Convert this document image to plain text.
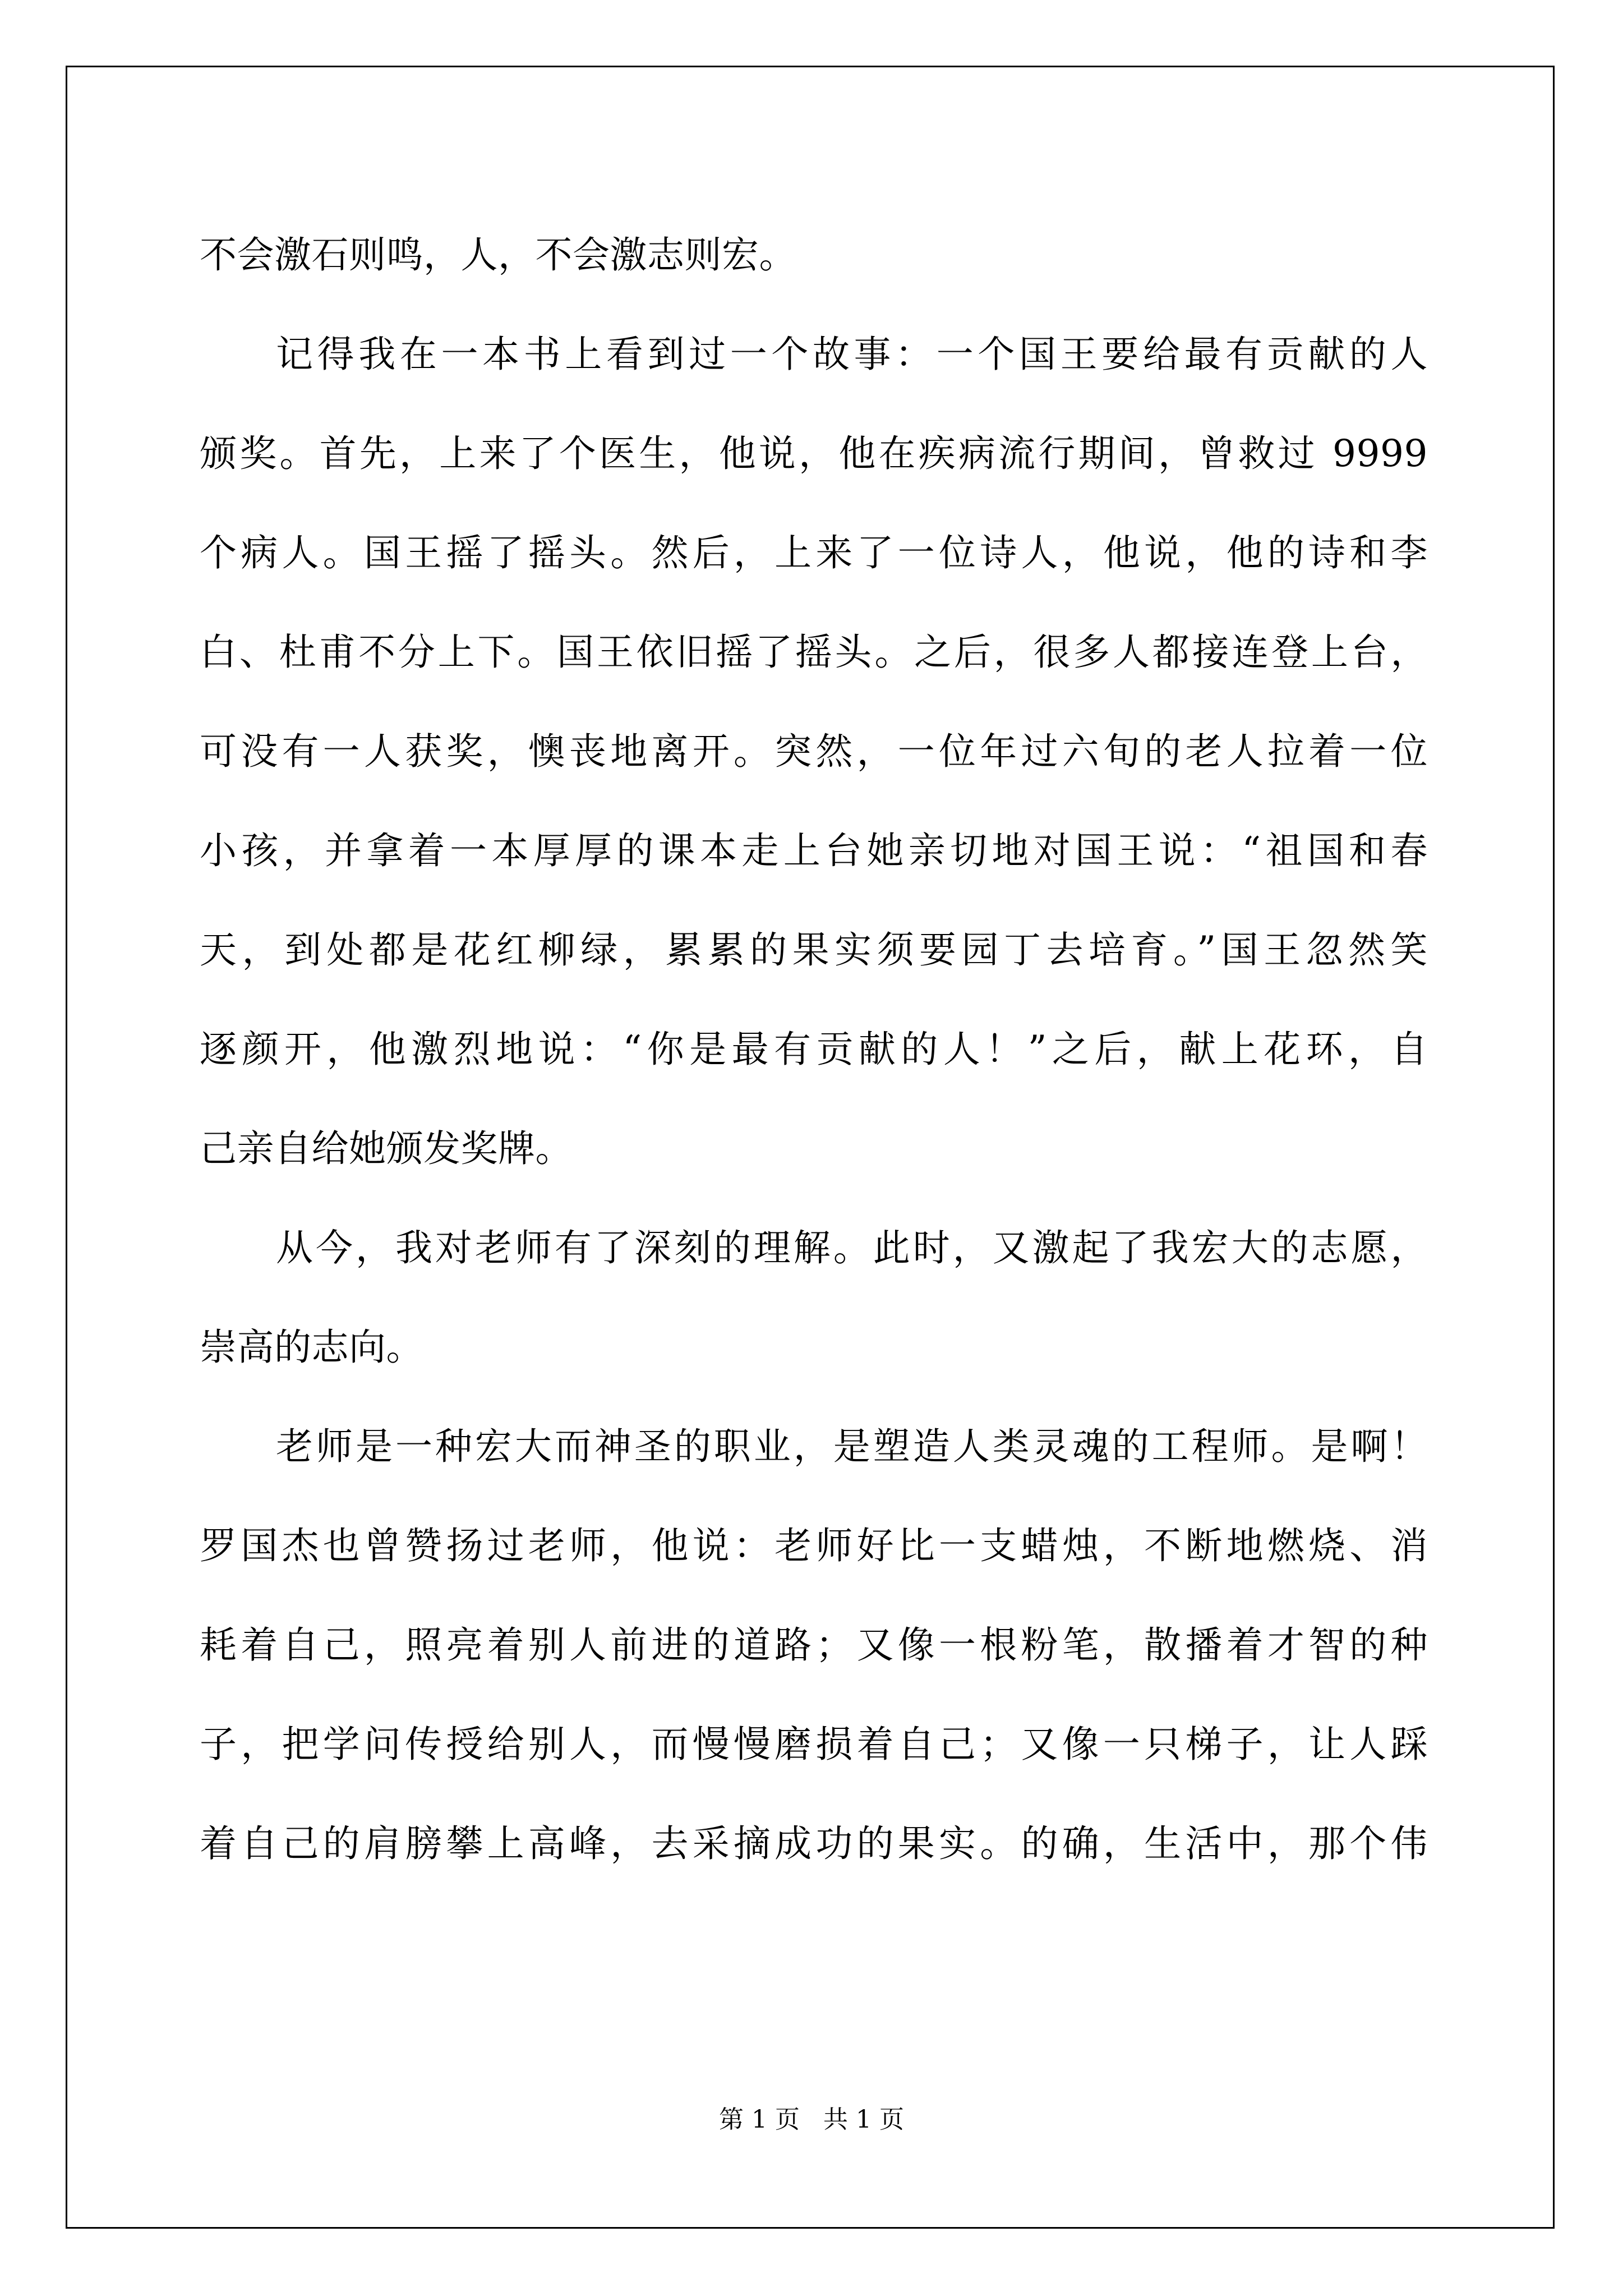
不会激石则鸣，人，不会激志则宏。
记得我在一本书上看到过一个故事：一个国王要给最有贡献的人
颁奖。首先，上来了个医生，他说，他在疾病流行期间，曾救过 9999
个病人。国王摇了摇头。然后，上来了一位诗人，他说，他的诗和李
白、杜甫不分上下。国王依旧摇了摇头。之后，很多人都接连登上台，
可没有一人获奖，懊丧地离开。突然，一位年过六旬的老人拉着一位
小孩，并拿着一本厚厚的课本走上台她亲切地对国王说：“祖国和春
天，到处都是花红柳绿，累累的果实须要园丁去培育。”国王忽然笑
逐颜开，他激烈地说：“你是最有贡献的人！”之后，献上花环，自
己亲自给她颁发奖牌。
从今，我对老师有了深刻的理解。此时，又激起了我宏大的志愿，
崇高的志向。
老师是一种宏大而神圣的职业，是塑造人类灵魂的工程师。是啊！
罗国杰也曾赞扬过老师，他说：老师好比一支蜡烛，不断地燃烧、消
耗着自己，照亮着别人前进的道路；又像一根粉笔，散播着才智的种
子，把学问传授给别人，而慢慢磨损着自己；又像一只梯子，让人踩
着自己的肩膀攀上高峰，去采摘成功的果实。的确，生活中，那个伟
第 1 页   共 1 页
